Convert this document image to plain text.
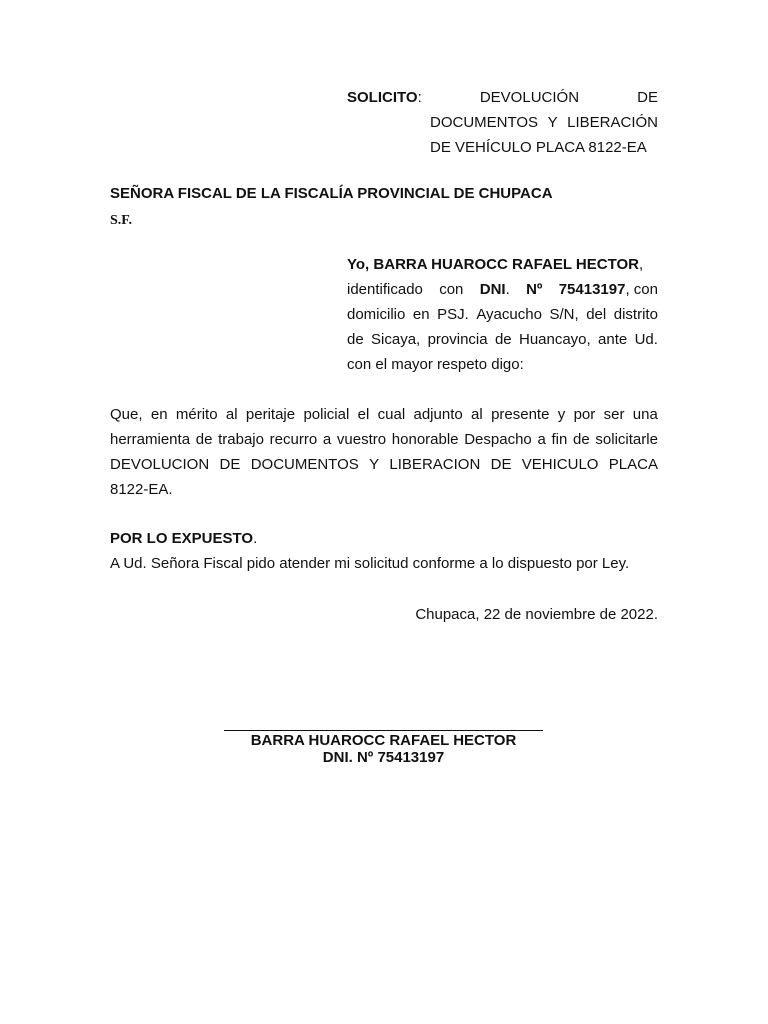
SOLICITO:	DEVOLUCIÓN	DE
DOCUMENTOS Y LIBERACIÓN
DE VEHÍCULO PLACA 8122-EA
SEÑORA FISCAL DE LA FISCALÍA PROVINCIAL DE CHUPACA
S.F.
Yo,
BARRA HUAROCC RAFAEL HECTOR ,
identificado con DNI. Nº 75413197, con
domicilio en PSJ. Ayacucho S/N, del distrito
de Sicaya, provincia de Huancayo, ante Ud.
con el mayor respeto digo:
Que, en mérito al peritaje policial el cual adjunto al presente y por ser una
herramienta de trabajo recurro a vuestro honorable Despacho a fin de solicitarle
DEVOLUCION DE DOCUMENTOS Y LIBERACION DE VEHICULO PLACA
8122-EA.
POR LO EXPUESTO.
A Ud. Señora Fiscal pido atender mi solicitud conforme a lo dispuesto por Ley.
Chupaca, 22 de noviembre de 2022.
BARRA HUAROCC RAFAEL HECTOR
DNI. Nº 75413197
